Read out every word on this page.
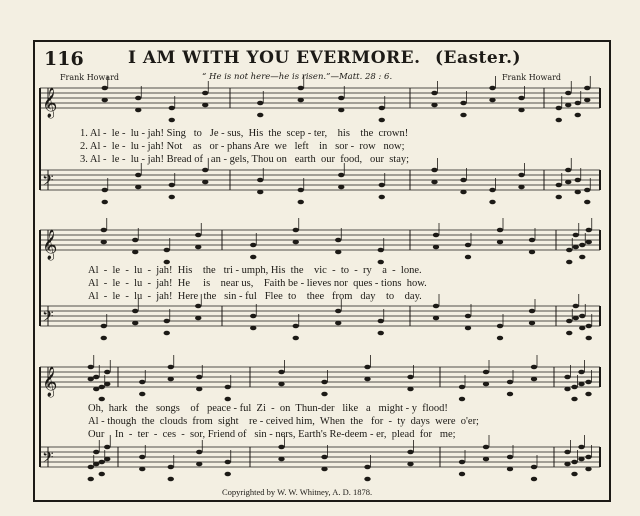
116	I AM WITH YOU EVERMORE. (Easter.)
Frank Howard	“ He is not here—he is risen.”—Matt. 28 : 6.	Frank Howard
𝄞
𝄢
𝄞
𝄢
𝄞
𝄢
1. Al -  le -  lu - jah! Sing   to   Je - sus,  His  the  scep - ter,    his    the  crown!
2. Al -  le -  lu - jah! Not    as   or - phans Are  we   left    in   sor -  row   now;
3. Al -  le -  lu - jah! Bread of   an - gels, Thou on   earth  our  food,   our  stay;
Al  -  le  -  lu  -  jah!  His    the   tri - umph, His  the    vic  -  to  -  ry    a  -  lone.
Al  -  le  -  lu  -  jah!  He     is    near us,    Faith be - lieves nor  ques - tions  how.
Al  -  le  -  lu  -  jah!  Here  the   sin - ful   Flee  to    thee   from   day    to    day.
Oh,  hark   the   songs    of   peace - ful  Zi  -  on  Thun-der   like   a   might - y  flood!
Al - though  the  clouds  from  sight    re - ceived him,  When  the   for  -  ty  days  were  o'er;
Our    In  -  ter  -  ces  -  sor, Friend of   sin - ners, Earth's Re-deem - er,  plead  for   me;
Copyrighted by W. W. Whitney, A. D. 1878.
